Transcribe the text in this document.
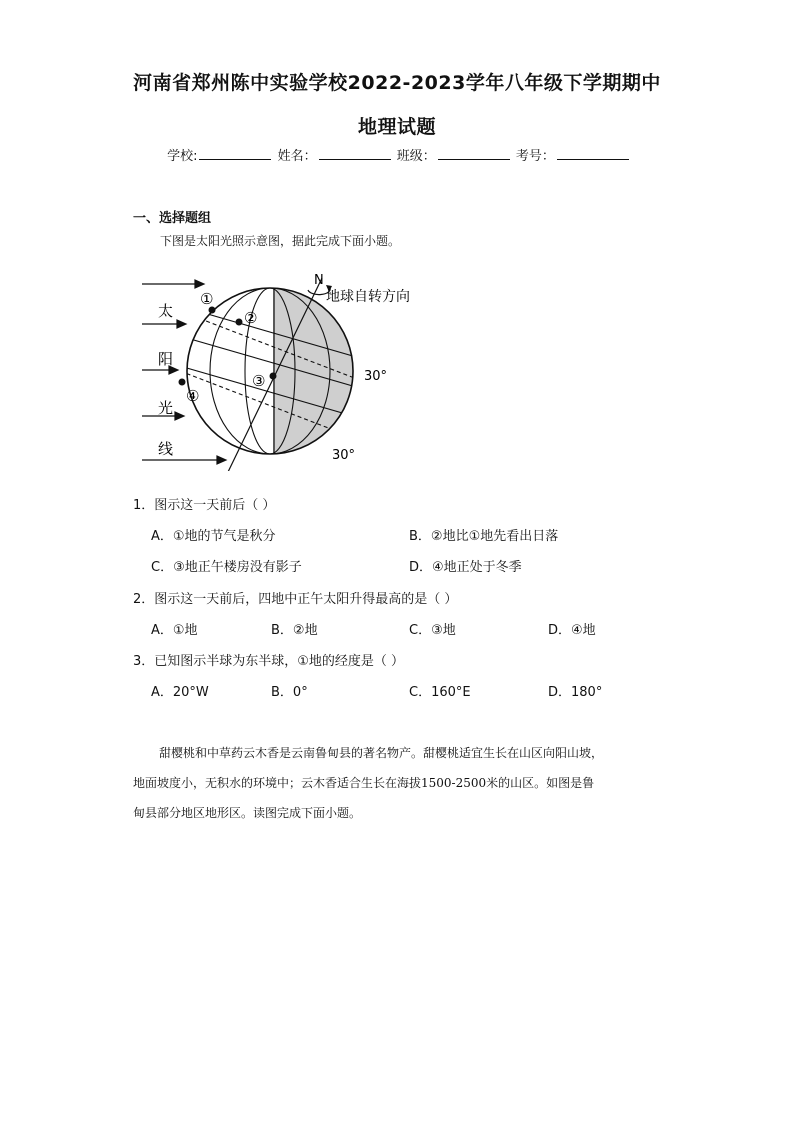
河南省郑州陈中实验学校2022-2023学年八年级下学期期中
地理试题
学校:	姓名：	班级：	考号：
一、选择题组
下图是太阳光照示意图，据此完成下面小题。
太
阳
光
线
N
地球自转方向
30°
30°
①
②
③
④
1．图示这一天前后（ ）
A．①地的节气是秋分	B．②地比①地先看出日落
C．③地正午楼房没有影子	D．④地正处于冬季
2．图示这一天前后，四地中正午太阳升得最高的是（ ）
A．①地	B．②地	C．③地	D．④地
3．已知图示半球为东半球，①地的经度是（ ）
A．20°W	B．0°	C．160°E	D．180°
甜樱桃和中草药云木香是云南鲁甸县的著名物产。甜樱桃适宜生长在山区向阳山坡，
地面坡度小，无积水的环境中；云木香适合生长在海拔1500-2500米的山区。如图是鲁
甸县部分地区地形区。读图完成下面小题。
